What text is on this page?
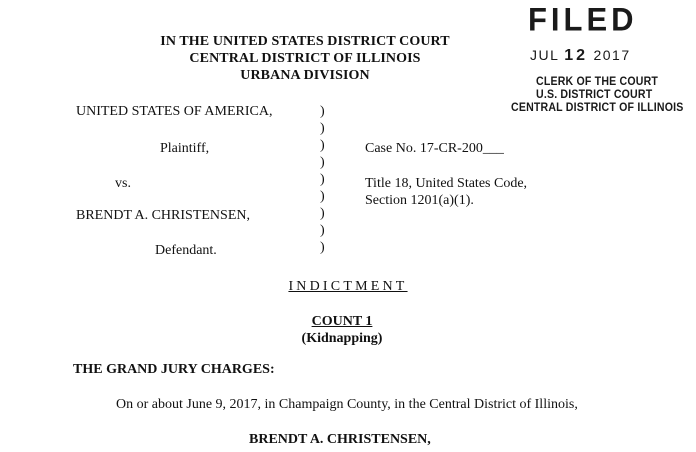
IN THE UNITED STATES DISTRICT COURT
CENTRAL DISTRICT OF ILLINOIS
URBANA DIVISION
FILED
JUL 12 2017
CLERK OF THE COURT
U.S. DISTRICT COURT
CENTRAL DISTRICT OF ILLINOIS
UNITED STATES OF AMERICA,
Plaintiff,
vs.
BRENDT A. CHRISTENSEN,
Defendant.
)
)
)
)
)
)
)
)
)
Case No. 17-CR-200___
Title 18, United States Code,
Section 1201(a)(1).
INDICTMENT
COUNT 1
(Kidnapping)
THE GRAND JURY CHARGES:
On or about June 9, 2017, in Champaign County, in the Central District of Illinois,
BRENDT A. CHRISTENSEN,
